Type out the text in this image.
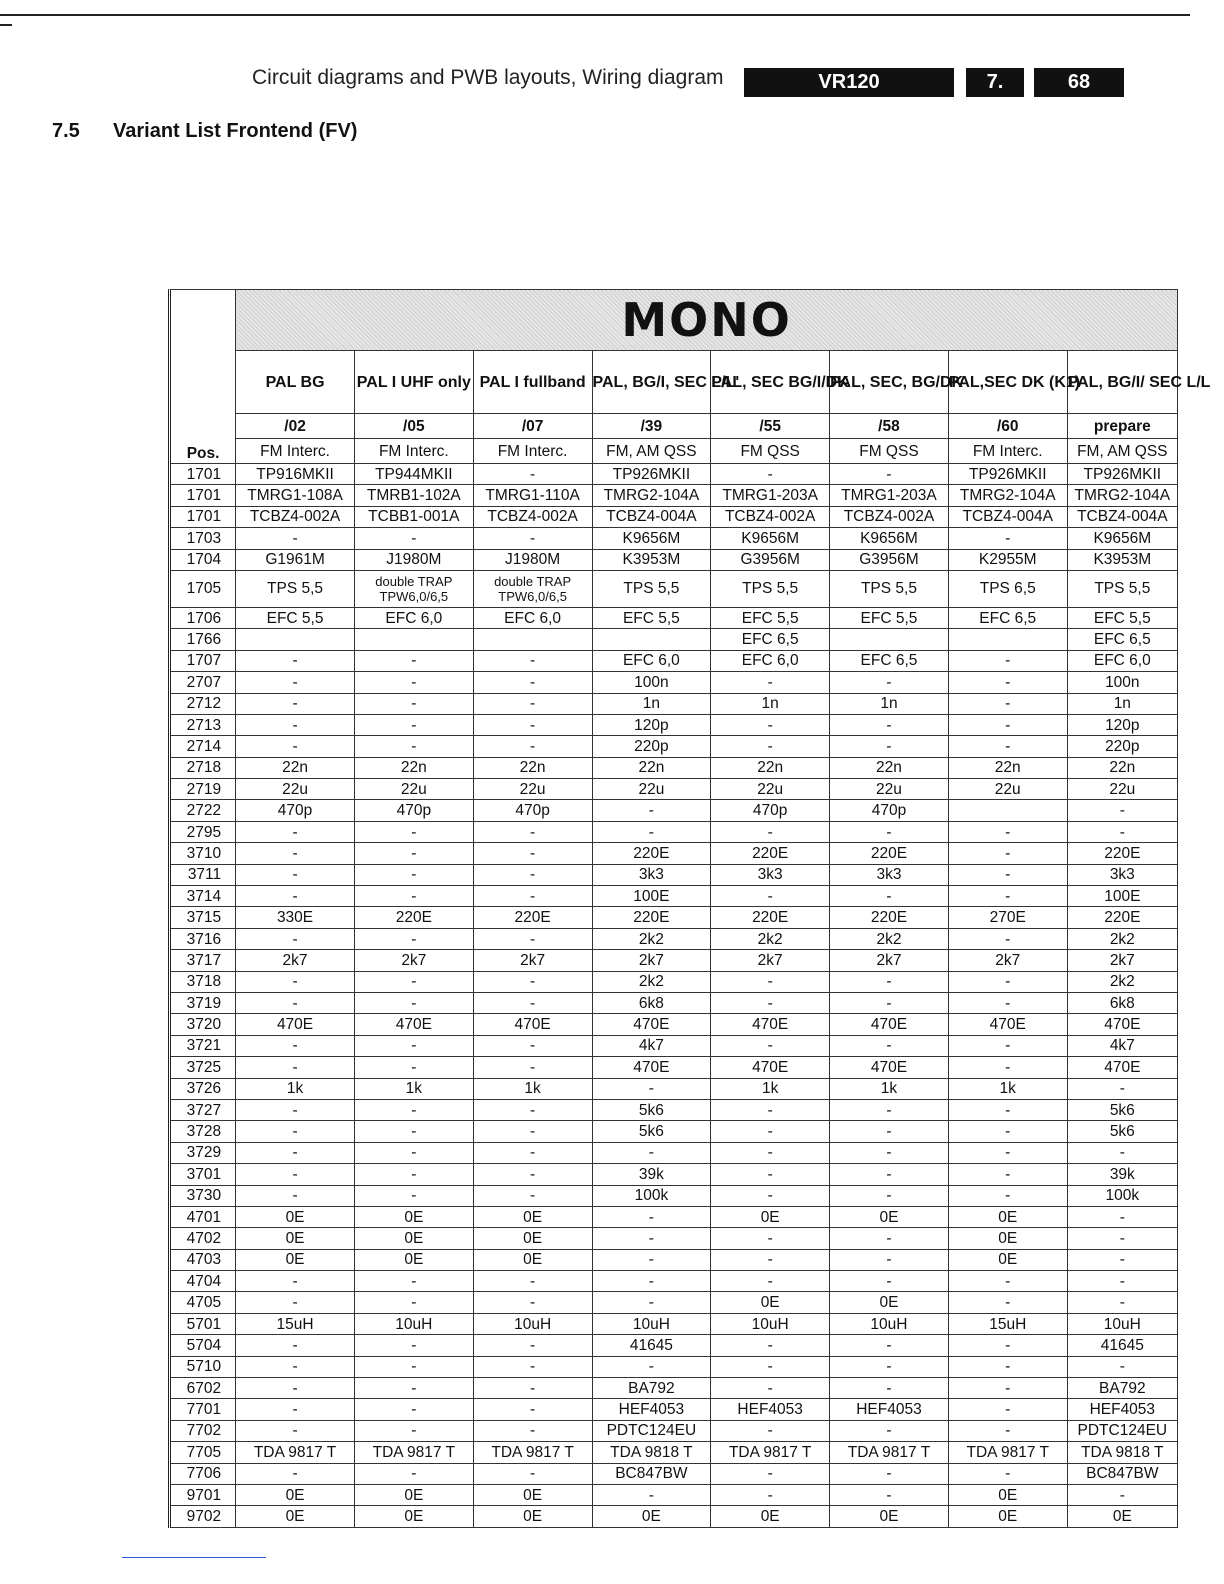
Circuit diagrams and PWB layouts, Wiring diagram	VR120	7.	68
7.5 Variant List Frontend (FV)
Pos.	MONO							
	PAL BG	PAL I UHF only	PAL I fullband	PAL, BG/I, SEC L/L'	PAL, SEC BG/I/DK	PAL, SEC, BG/DK	PAL,SEC DK (K1)	PAL, BG/I/ SEC L/L
	/02	/05	/07	/39	/55	/58	/60	prepare
	FM Interc.	FM Interc.	FM Interc.	FM, AM QSS	FM QSS	FM QSS	FM Interc.	FM, AM QSS
1701	TP916MKII	TP944MKII	-	TP926MKII	-	-	TP926MKII	TP926MKII
1701	TMRG1-108A	TMRB1-102A	TMRG1-110A	TMRG2-104A	TMRG1-203A	TMRG1-203A	TMRG2-104A	TMRG2-104A
1701	TCBZ4-002A	TCBB1-001A	TCBZ4-002A	TCBZ4-004A	TCBZ4-002A	TCBZ4-002A	TCBZ4-004A	TCBZ4-004A
1703	-	-	-	K9656M	K9656M	K9656M	-	K9656M
1704	G1961M	J1980M	J1980M	K3953M	G3956M	G3956M	K2955M	K3953M
1705	TPS 5,5	double TRAP TPW6,0/6,5	double TRAP TPW6,0/6,5	TPS 5,5	TPS 5,5	TPS 5,5	TPS 6,5	TPS 5,5
1706	EFC 5,5	EFC 6,0	EFC 6,0	EFC 5,5	EFC 5,5	EFC 5,5	EFC 6,5	EFC 5,5
1766					EFC 6,5			EFC 6,5
1707	-	-	-	EFC 6,0	EFC 6,0	EFC 6,5	-	EFC 6,0
2707	-	-	-	100n	-	-	-	100n
2712	-	-	-	1n	1n	1n	-	1n
2713	-	-	-	120p	-	-	-	120p
2714	-	-	-	220p	-	-	-	220p
2718	22n	22n	22n	22n	22n	22n	22n	22n
2719	22u	22u	22u	22u	22u	22u	22u	22u
2722	470p	470p	470p	-	470p	470p		-
2795	-	-	-	-	-	-	-	-
3710	-	-	-	220E	220E	220E	-	220E
3711	-	-	-	3k3	3k3	3k3	-	3k3
3714	-	-	-	100E	-	-	-	100E
3715	330E	220E	220E	220E	220E	220E	270E	220E
3716	-	-	-	2k2	2k2	2k2	-	2k2
3717	2k7	2k7	2k7	2k7	2k7	2k7	2k7	2k7
3718	-	-	-	2k2	-	-	-	2k2
3719	-	-	-	6k8	-	-	-	6k8
3720	470E	470E	470E	470E	470E	470E	470E	470E
3721	-	-	-	4k7	-	-	-	4k7
3725	-	-	-	470E	470E	470E	-	470E
3726	1k	1k	1k	-	1k	1k	1k	-
3727	-	-	-	5k6	-	-	-	5k6
3728	-	-	-	5k6	-	-	-	5k6
3729	-	-	-	-	-	-	-	-
3701	-	-	-	39k	-	-	-	39k
3730	-	-	-	100k	-	-	-	100k
4701	0E	0E	0E	-	0E	0E	0E	-
4702	0E	0E	0E	-	-	-	0E	-
4703	0E	0E	0E	-	-	-	0E	-
4704	-	-	-	-	-	-	-	-
4705	-	-	-	-	0E	0E	-	-
5701	15uH	10uH	10uH	10uH	10uH	10uH	15uH	10uH
5704	-	-	-	41645	-	-	-	41645
5710	-	-	-	-	-	-	-	-
6702	-	-	-	BA792	-	-	-	BA792
7701	-	-	-	HEF4053	HEF4053	HEF4053	-	HEF4053
7702	-	-	-	PDTC124EU	-	-	-	PDTC124EU
7705	TDA 9817 T	TDA 9817 T	TDA 9817 T	TDA 9818 T	TDA 9817 T	TDA 9817 T	TDA 9817 T	TDA 9818 T
7706	-	-	-	BC847BW	-	-	-	BC847BW
9701	0E	0E	0E	-	-	-	0E	-
9702	0E	0E	0E	0E	0E	0E	0E	0E
